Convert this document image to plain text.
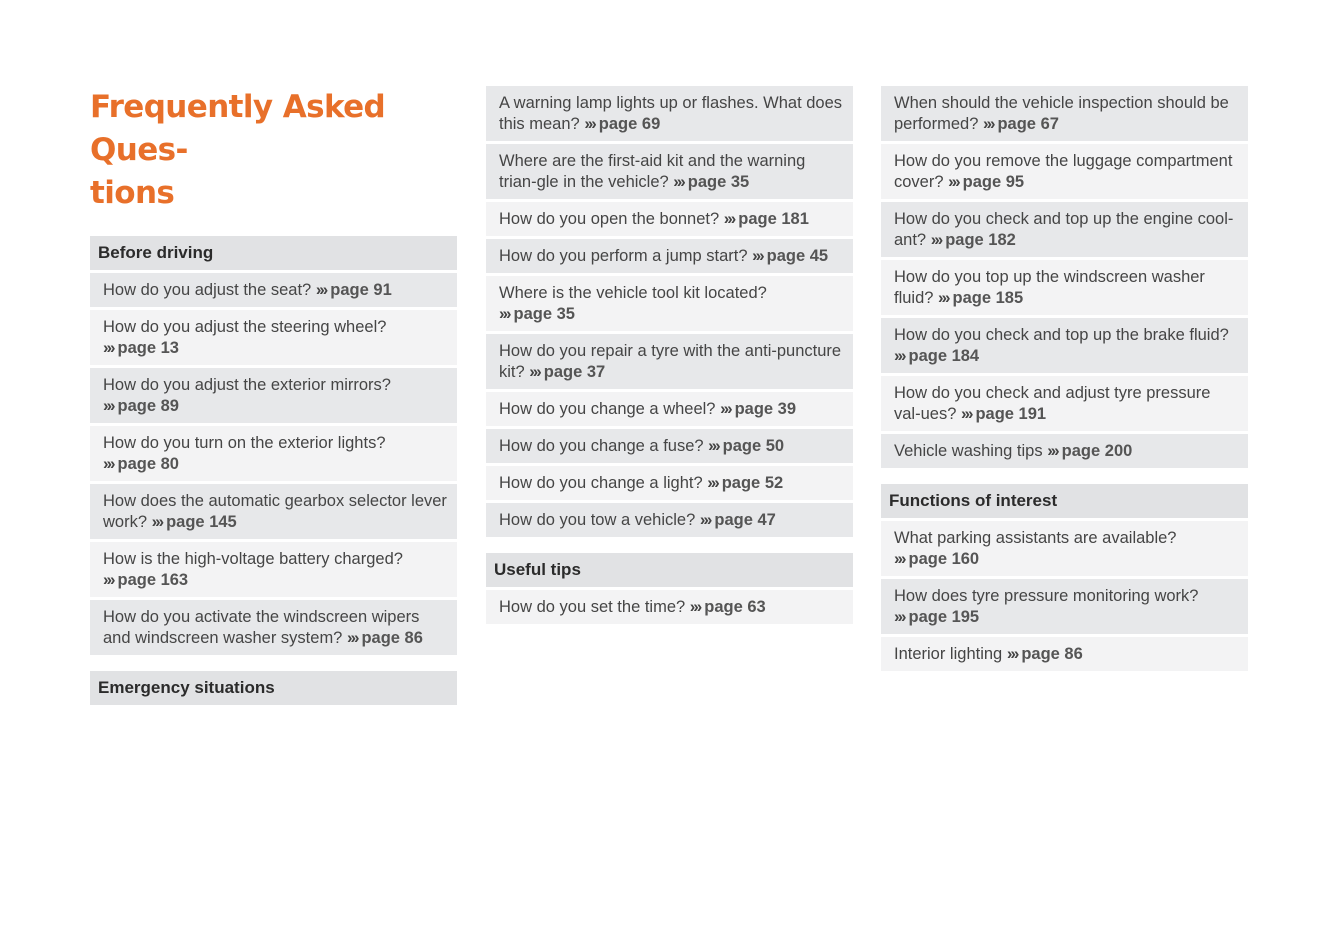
Frequently Asked Ques-
tions
Before driving
How do you adjust the seat? ››› page 91
How do you adjust the steering wheel? ››› page 13
How do you adjust the exterior mirrors? ››› page 89
How do you turn on the exterior lights? ››› page 80
How does the automatic gearbox selector lever work? ››› page 145
How is the high-voltage battery charged? ››› page 163
How do you activate the windscreen wipers and windscreen washer system? ››› page 86
Emergency situations
A warning lamp lights up or flashes. What does this mean? ››› page 69
Where are the first-aid kit and the warning trian-gle in the vehicle? ››› page 35
How do you open the bonnet? ››› page 181
How do you perform a jump start? ››› page 45
Where is the vehicle tool kit located? ››› page 35
How do you repair a tyre with the anti-puncture kit? ››› page 37
How do you change a wheel? ››› page 39
How do you change a fuse? ››› page 50
How do you change a light? ››› page 52
How do you tow a vehicle? ››› page 47
Useful tips
How do you set the time? ››› page 63
When should the vehicle inspection should be performed? ››› page 67
How do you remove the luggage compartment cover? ››› page 95
How do you check and top up the engine cool-ant? ››› page 182
How do you top up the windscreen washer fluid? ››› page 185
How do you check and top up the brake fluid? ››› page 184
How do you check and adjust tyre pressure val-ues? ››› page 191
Vehicle washing tips ››› page 200
Functions of interest
What parking assistants are available? ››› page 160
How does tyre pressure monitoring work? ››› page 195
Interior lighting ››› page 86
